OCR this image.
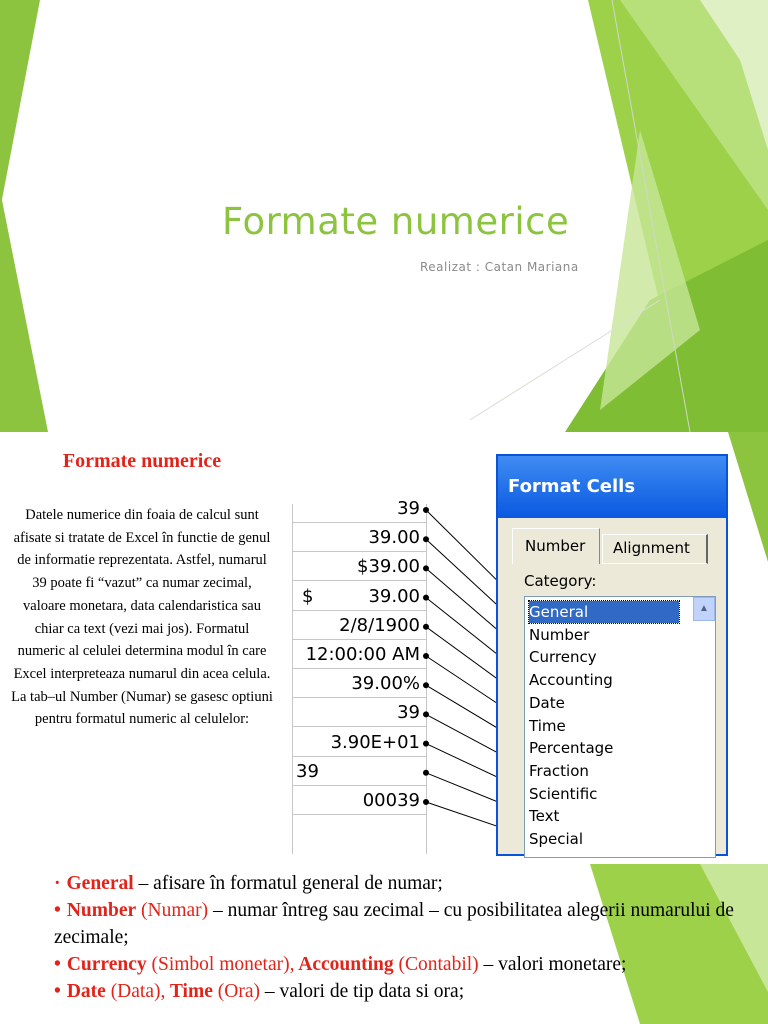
Formate numerice
Realizat : Catan Mariana
Formate numerice
Datele numerice din foaia de calcul sunt afisate si tratate de Excel în functie de genul de informatie reprezentata. Astfel, numarul 39 poate fi “vazut” ca numar zecimal, valoare monetara, data calendaristica sau chiar ca text (vezi mai jos). Formatul numeric al celulei determina modul în care Excel interpreteaza numarul din acea celula. La tab–ul Number (Numar) se gasesc optiuni pentru formatul numeric al celulelor:
39
39.00
$39.00
$	39.00
2/8/1900
12:00:00 AM
39.00%
39
3.90E+01
39
00039
Format Cells
Number	Alignment
Category:
▲
General
Number
Currency
Accounting
Date
Time
Percentage
Fraction
Scientific
Text
Special

· General – afisare în formatul general de numar;

• Number (Numar) – numar întreg sau zecimal – cu posibilitatea alegerii numarului de zecimale;

• Currency (Simbol monetar), Accounting (Contabil) – valori monetare;

• Date (Data), Time (Ora) – valori de tip data si ora;
